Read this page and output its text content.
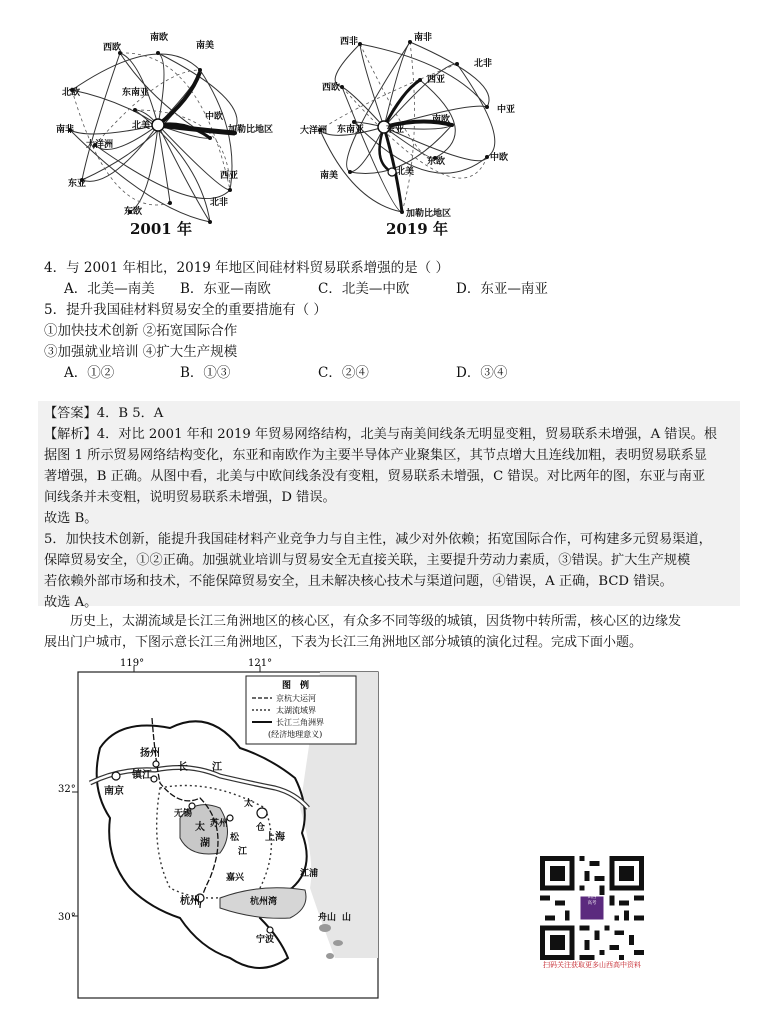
西欧
南欧
南美
北欧	东南亚
南非	北美
中欧
加勒比地区
大洋洲
东亚
西亚
东欧
北非
2001 年
西非	南非
北非
西欧
西亚
中亚
东南亚 东亚
南欧
大洋洲
东欧	中欧
南美	北美
加勒比地区
2019 年
4．与 2001 年相比，2019 年地区间硅材料贸易联系增强的是（ ）
A．北美—南美 B．东亚—南欧	C．北美—中欧	D．东亚—南亚
5．提升我国硅材料贸易安全的重要措施有（ ）
①加快技术创新 ②拓宽国际合作
③加强就业培训 ④扩大生产规模
A．①②	B．①③	C．②④	D．③④
【答案】4．B 5．A
【解析】4．对比 2001 年和 2019 年贸易网络结构，北美与南美间线条无明显变粗，贸易联系未增强，A 错误。根
据图 1 所示贸易网络结构变化，东亚和南欧作为主要半导体产业聚集区，其节点增大且连线加粗，表明贸易联系显
著增强，B 正确。从图中看，北美与中欧间线条没有变粗，贸易联系未增强，C 错误。对比两年的图，东亚与南亚
间线条并未变粗，说明贸易联系未增强，D 错误。
故选 B。
5．加快技术创新，能提升我国硅材料产业竞争力与自主性，减少对外依赖；拓宽国际合作，可构建多元贸易渠道，
保障贸易安全，①②正确。加强就业培训与贸易安全无直接关联，主要提升劳动力素质，③错误。扩大生产规模
若依赖外部市场和技术，不能保障贸易安全，且未解决核心技术与渠道问题，④错误，A 正确，BCD 错误。
故选 A。
历史上，太湖流域是长江三角洲地区的核心区，有众多不同等级的城镇，因货物中转所需，核心区的边缘发
展出门户城市，下图示意长江三角洲地区，下表为长江三角洲地区部分城镇的演化过程。完成下面小题。
119°	121°
32°
30°
图　例
京杭大运河
太湖流域界
长江三角洲界
(经济地理意义)
扬州
镇江
南京
长 江
无锡
苏州
太
湖
太
仓
松
江
上海
杭州	杭州湾
宁波
舟山
江浦
嘉兴
山
山西
高考
扫码关注获取更多山西高中资料
